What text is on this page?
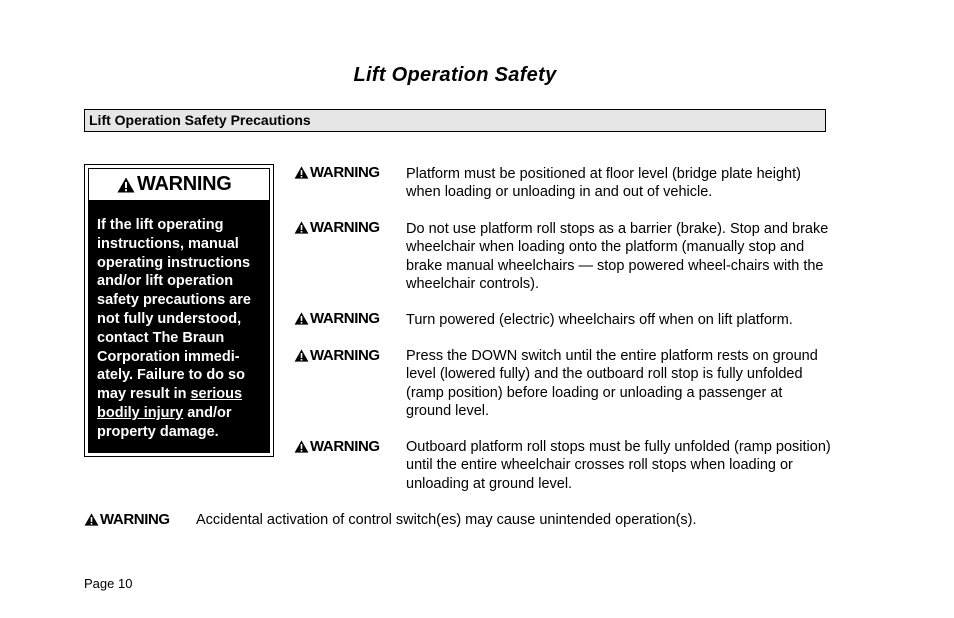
Lift Operation Safety
Lift Operation Safety Precautions
WARNING
If the lift operating instructions, manual operating instructions and/or lift operation safety precautions are not fully understood, contact The Braun Corporation immedi-ately. Failure to do so may result in serious bodily injury and/or property damage.
WARNING Platform must be positioned at floor level (bridge plate height) when loading or unloading in and out of vehicle.
WARNING Do not use platform roll stops as a barrier (brake). Stop and brake wheelchair when loading onto the platform (manually stop and brake manual wheelchairs — stop powered wheel-chairs with the wheelchair controls).
WARNING Turn powered (electric) wheelchairs off when on lift platform.
WARNING Press the DOWN switch until the entire platform rests on ground level (lowered fully) and the outboard roll stop is fully unfolded (ramp position) before loading or unloading a passenger at ground level.
WARNING Outboard platform roll stops must be fully unfolded (ramp position) until the entire wheelchair crosses roll stops when loading or unloading at ground level.
WARNING Accidental activation of control switch(es) may cause unintended operation(s).
Page 10
